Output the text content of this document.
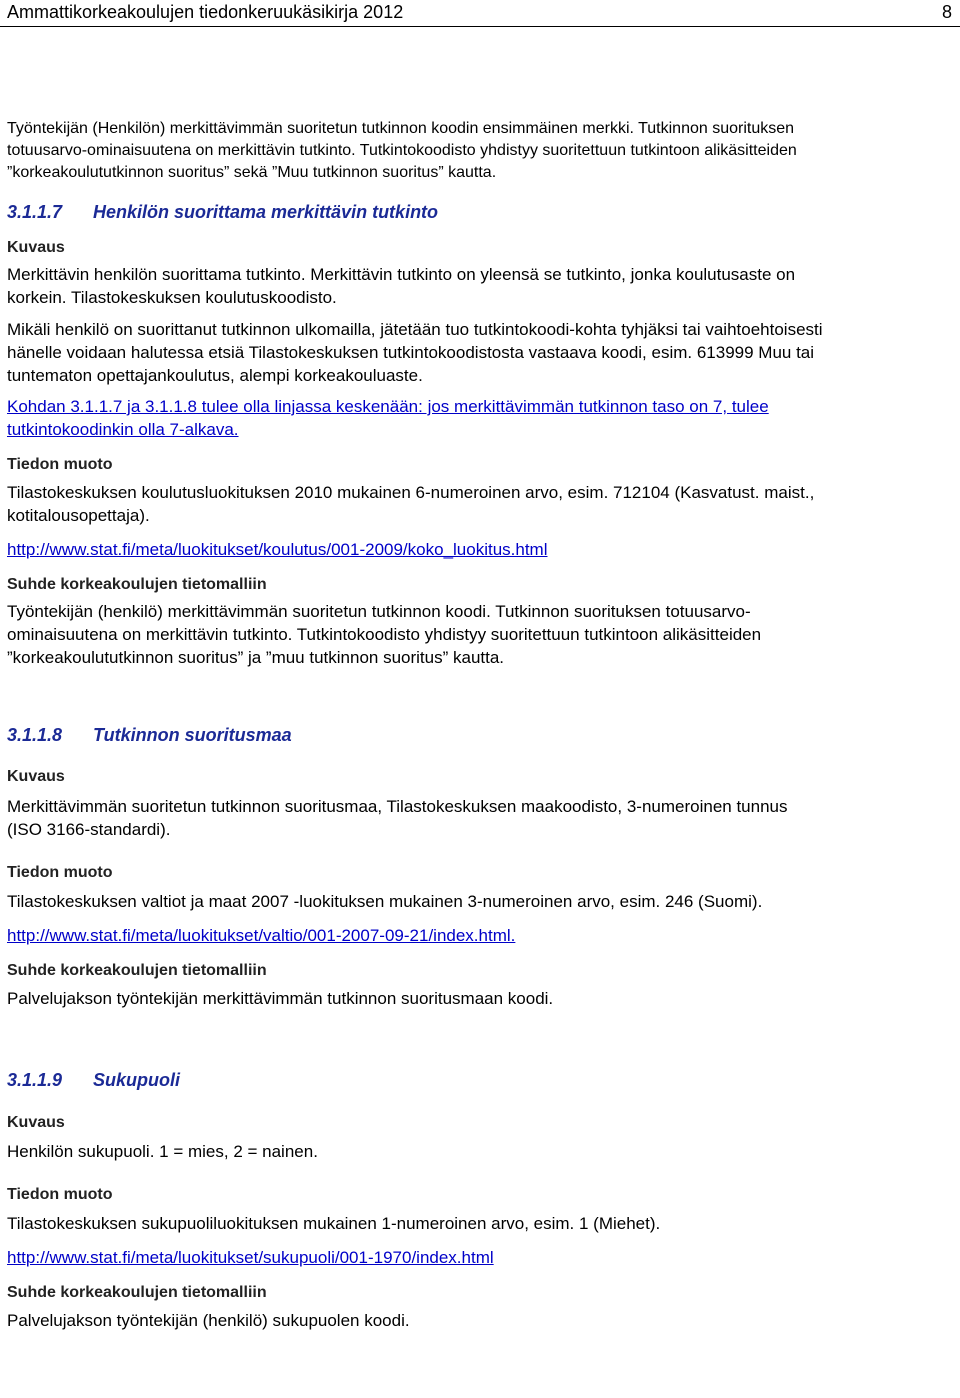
Ammattikorkeakoulujen tiedonkeruukäsikirja 2012	8

Työntekijän (Henkilön) merkittävimmän suoritetun tutkinnon koodin ensimmäinen merkki. Tutkinnon suorituksen
totuusarvo-ominaisuutena on merkittävin tutkinto. Tutkintokoodisto yhdistyy suoritettuun tutkintoon alikäsitteiden
”korkeakoulututkinnon suoritus” sekä ”Muu tutkinnon suoritus” kautta.

3.1.1.7 Henkilön suorittama merkittävin tutkinto

Kuvaus

Merkittävin henkilön suorittama tutkinto. Merkittävin tutkinto on yleensä se tutkinto, jonka koulutusaste on
korkein. Tilastokeskuksen koulutuskoodisto.

Mikäli henkilö on suorittanut tutkinnon ulkomailla, jätetään tuo tutkintokoodi-kohta tyhjäksi tai vaihtoehtoisesti
hänelle voidaan halutessa etsiä Tilastokeskuksen tutkintokoodistosta vastaava koodi, esim. 613999 Muu tai
tuntematon opettajankoulutus, alempi korkeakouluaste.

Kohdan 3.1.1.7 ja 3.1.1.8 tulee olla linjassa keskenään: jos merkittävimmän tutkinnon taso on 7, tulee
tutkintokoodinkin olla 7-alkava.

Tiedon muoto

Tilastokeskuksen koulutusluokituksen 2010 mukainen 6-numeroinen arvo, esim. 712104 (Kasvatust. maist.,
kotitalousopettaja).

http://www.stat.fi/meta/luokitukset/koulutus/001-2009/koko_luokitus.html

Suhde korkeakoulujen tietomalliin

Työntekijän (henkilö) merkittävimmän suoritetun tutkinnon koodi. Tutkinnon suorituksen totuusarvo-
ominaisuutena on merkittävin tutkinto. Tutkintokoodisto yhdistyy suoritettuun tutkintoon alikäsitteiden
”korkeakoulututkinnon suoritus” ja ”muu tutkinnon suoritus” kautta.

3.1.1.8 Tutkinnon suoritusmaa

Kuvaus

Merkittävimmän suoritetun tutkinnon suoritusmaa, Tilastokeskuksen maakoodisto, 3-numeroinen tunnus
(ISO 3166-standardi).

Tiedon muoto

Tilastokeskuksen valtiot ja maat 2007 -luokituksen mukainen 3-numeroinen arvo, esim. 246 (Suomi).

http://www.stat.fi/meta/luokitukset/valtio/001-2007-09-21/index.html.

Suhde korkeakoulujen tietomalliin

Palvelujakson työntekijän merkittävimmän tutkinnon suoritusmaan koodi.

3.1.1.9 Sukupuoli

Kuvaus

Henkilön sukupuoli. 1 = mies, 2 = nainen.

Tiedon muoto

Tilastokeskuksen sukupuoliluokituksen mukainen 1-numeroinen arvo, esim. 1 (Miehet).

http://www.stat.fi/meta/luokitukset/sukupuoli/001-1970/index.html

Suhde korkeakoulujen tietomalliin

Palvelujakson työntekijän (henkilö) sukupuolen koodi.
